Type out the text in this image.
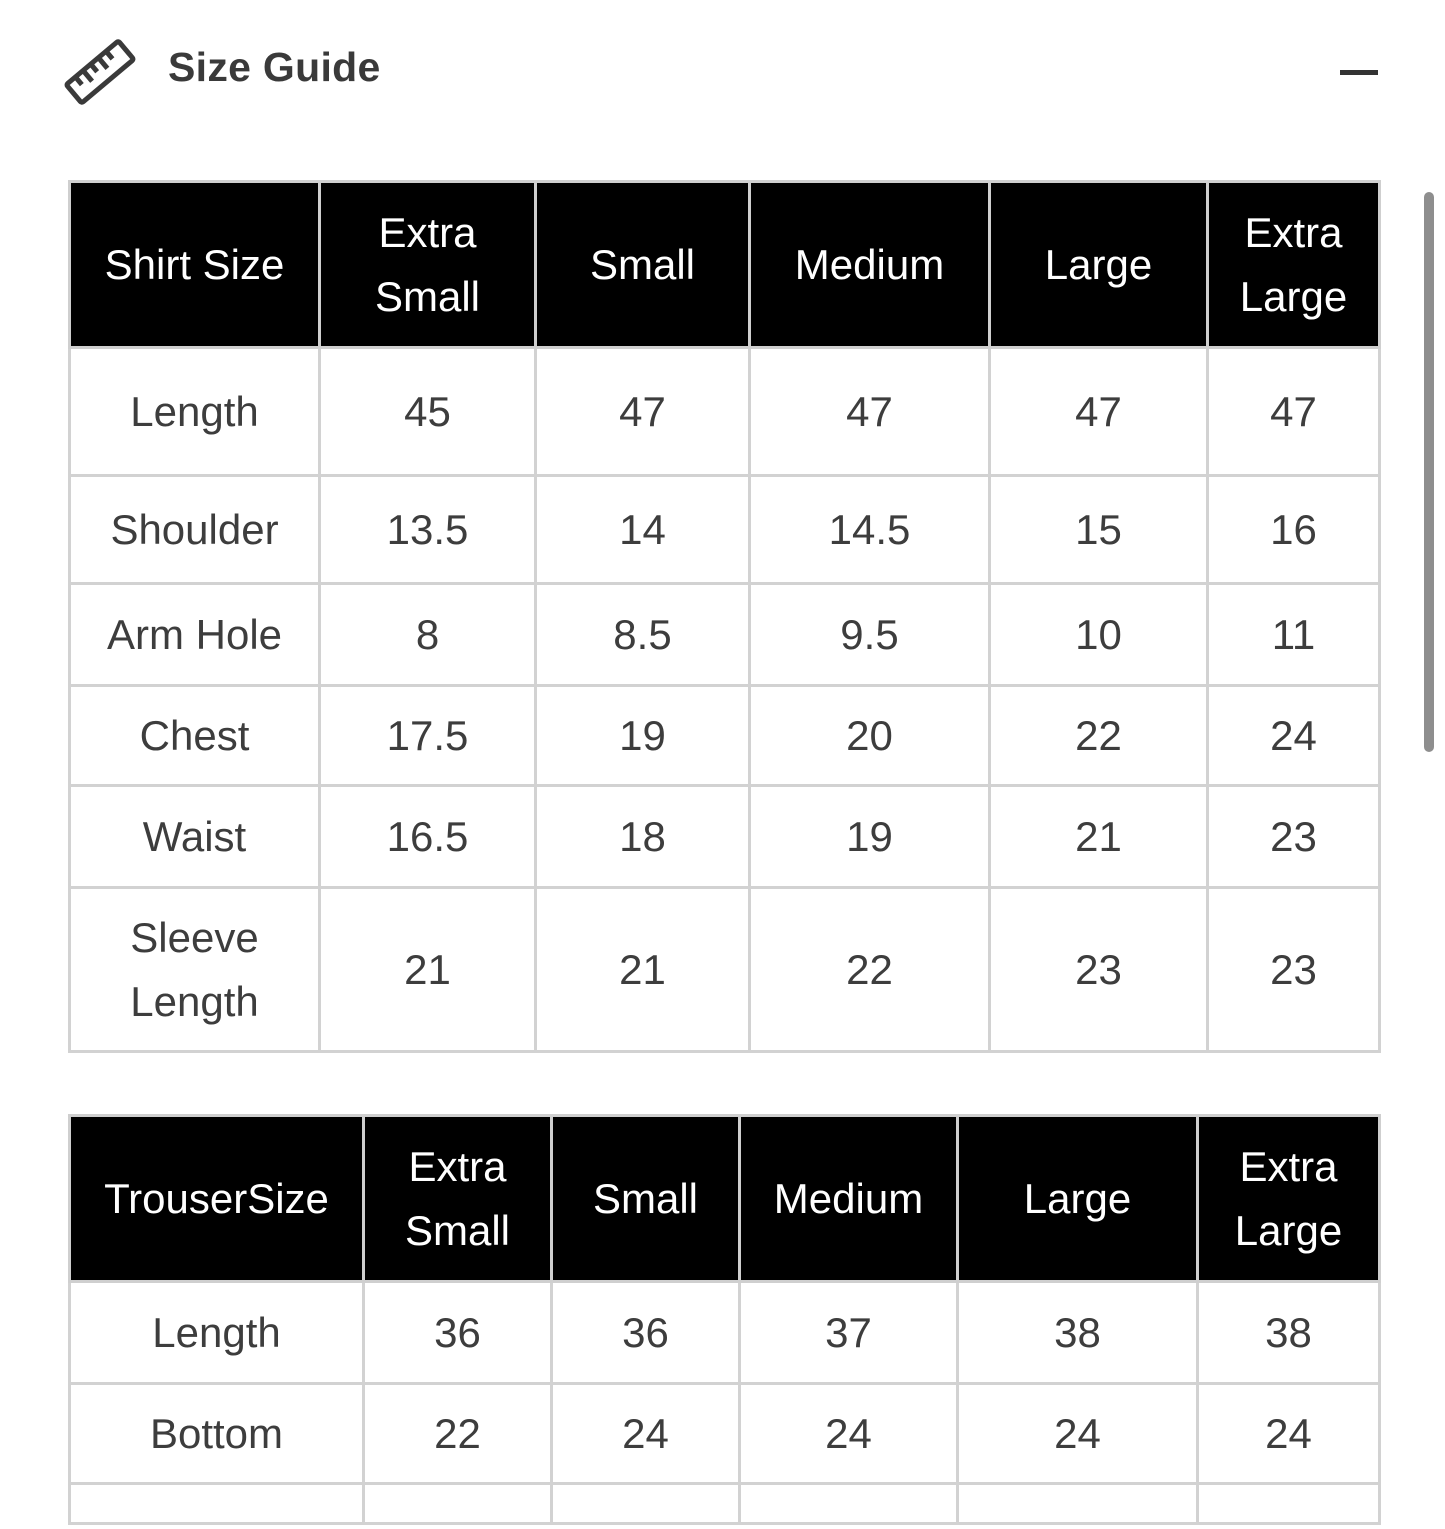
Size Guide
Shirt Size	Extra Small	Small	Medium	Large	Extra Large
Length	45	47	47	47	47
Shoulder	13.5	14	14.5	15	16
Arm Hole	8	8.5	9.5	10	11
Chest	17.5	19	20	22	24
Waist	16.5	18	19	21	23
Sleeve Length	21	21	22	23	23
TrouserSize	Extra Small	Small	Medium	Large	Extra Large
Length	36	36	37	38	38
Bottom	22	24	24	24	24
